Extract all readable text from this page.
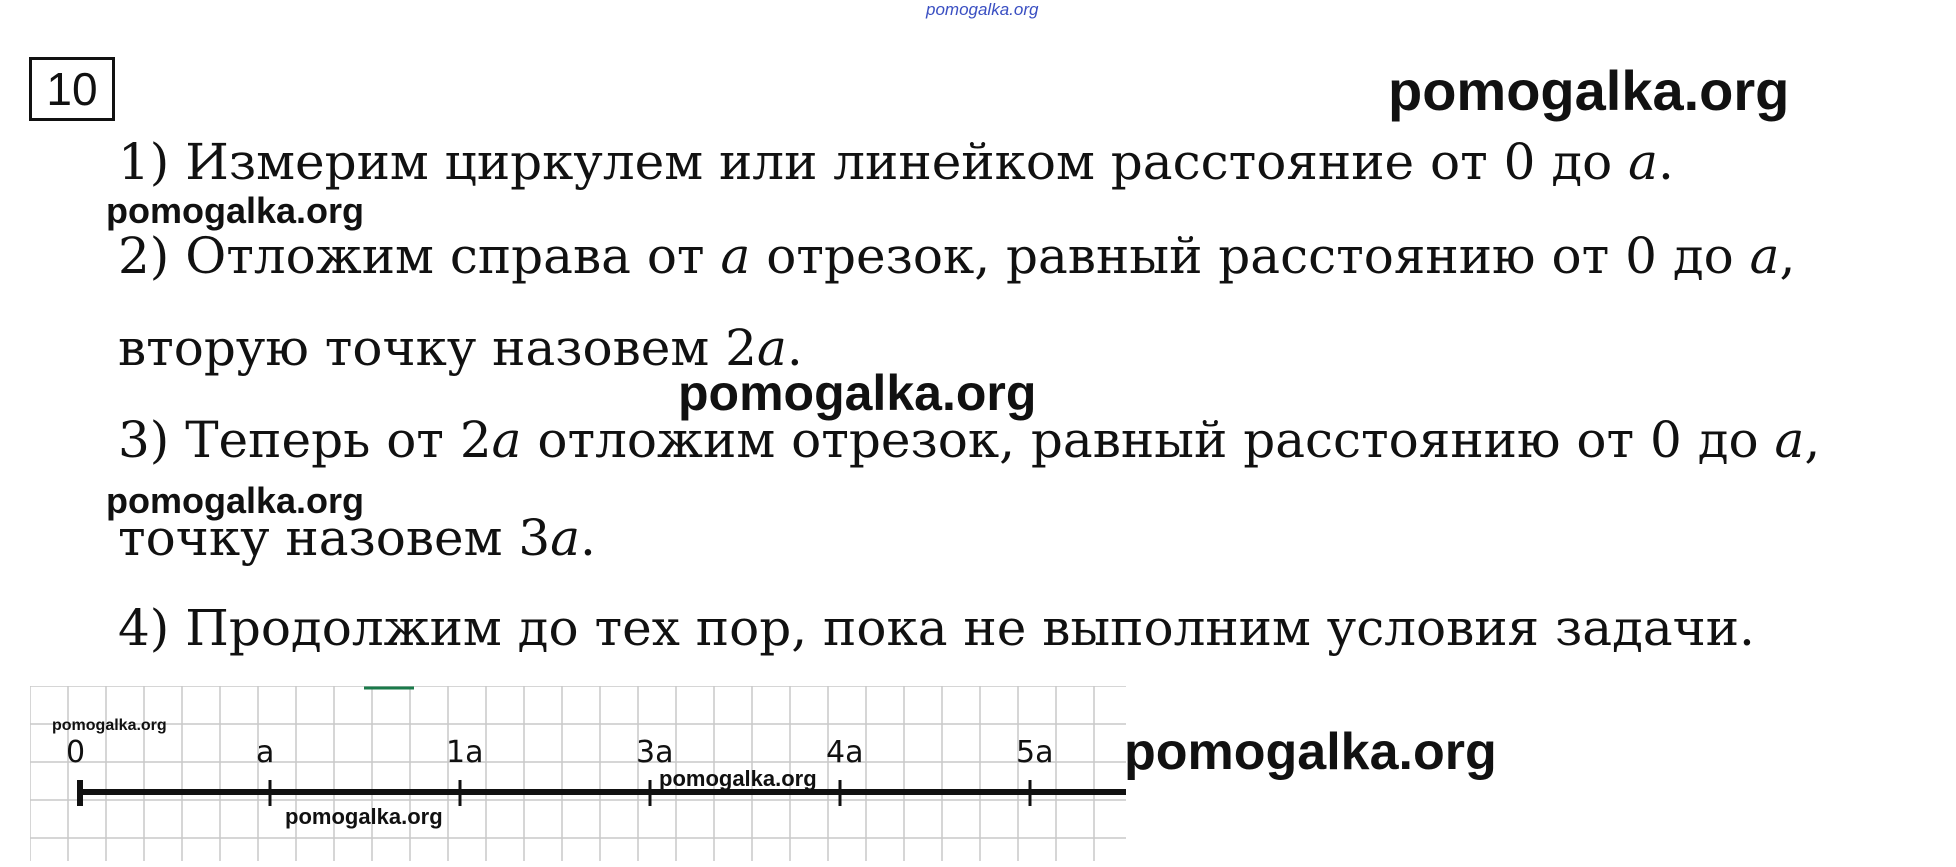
pomogalka.org
10	pomogalka.org
1) Измерим циркулем или линейком расстояние от 0 до a.
pomogalka.org
2) Отложим справа от a отрезок, равный расстоянию от 0 до a,
вторую точку назовем 2a.
pomogalka.org
3) Теперь от 2a отложим отрезок, равный расстоянию от 0 до a,
pomogalka.org
точку назовем 3a.
4) Продолжим до тех пор, пока не выполним условия задачи.
0	a	1a	3a	4a	5a
pomogalka.org
pomogalka.org
pomogalka.org
pomogalka.org
